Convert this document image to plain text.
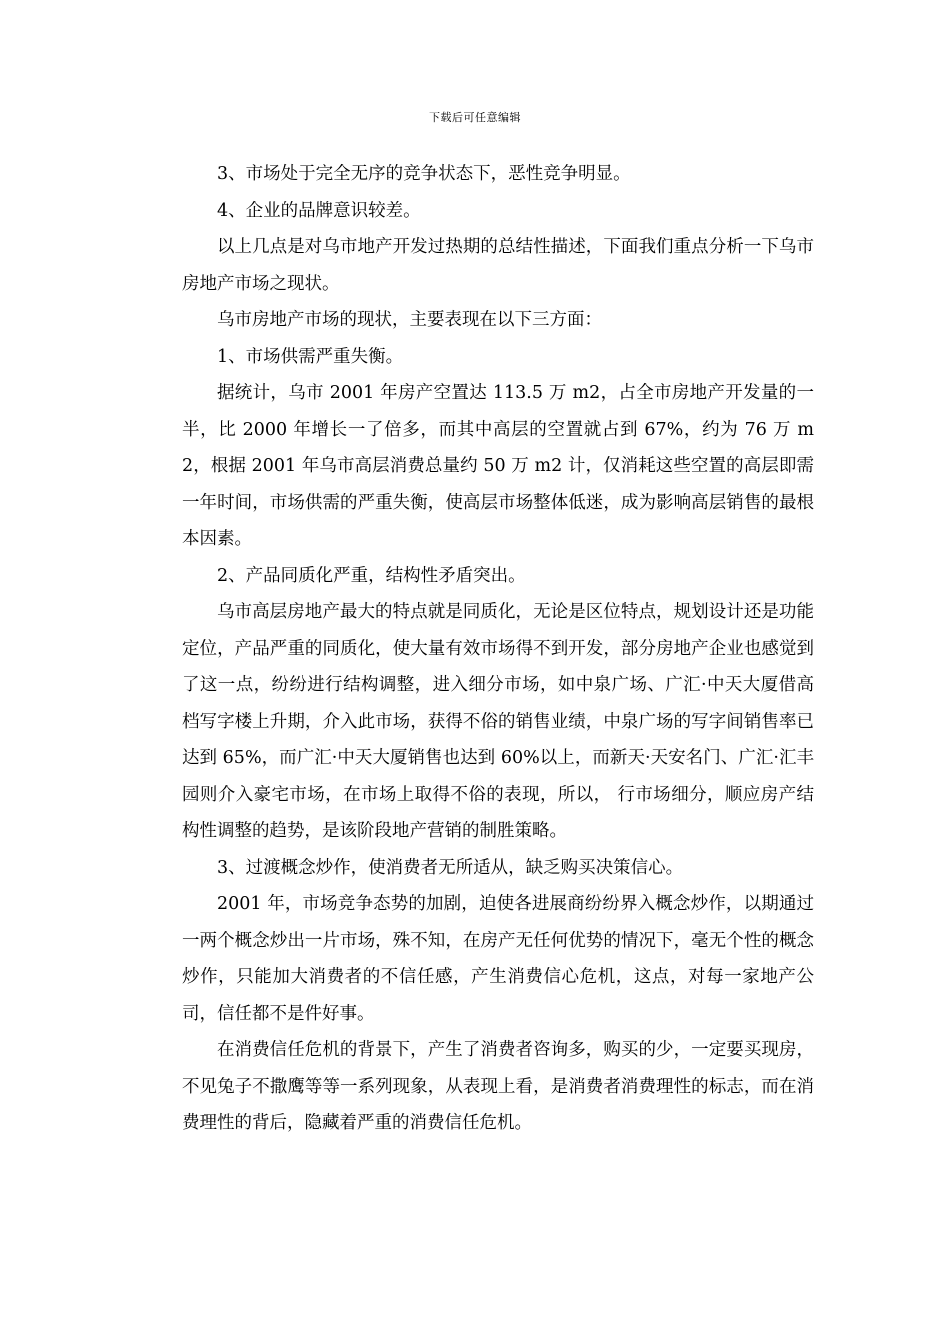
下载后可任意编辑

3、市场处于完全无序的竞争状态下，恶性竞争明显。

4、企业的品牌意识较差。

以上几点是对乌市地产开发过热期的总结性描述，下面我们重点分析一下乌市房地产市场之现状。

乌市房地产市场的现状，主要表现在以下三方面：

1、市场供需严重失衡。

据统计，乌市 2001 年房产空置达 113.5 万 m2，占全市房地产开发量的一半，比 2000 年增长一了倍多，而其中高层的空置就占到 67%，约为 76 万 m2，根据 2001 年乌市高层消费总量约 50 万 m2 计，仅消耗这些空置的高层即需一年时间，市场供需的严重失衡，使高层市场整体低迷，成为影响高层销售的最根本因素。

2、产品同质化严重，结构性矛盾突出。

乌市高层房地产最大的特点就是同质化，无论是区位特点，规划设计还是功能定位，产品严重的同质化，使大量有效市场得不到开发，部分房地产企业也感觉到了这一点，纷纷进行结构调整，进入细分市场，如中泉广场、广汇·中天大厦借高档写字楼上升期，介入此市场，获得不俗的销售业绩，中泉广场的写字间销售率已达到 65%，而广汇·中天大厦销售也达到 60%以上，而新天·天安名门、广汇·汇丰园则介入豪宅市场，在市场上取得不俗的表现，所以， 行市场细分，顺应房产结构性调整的趋势，是该阶段地产营销的制胜策略。

3、过渡概念炒作，使消费者无所适从，缺乏购买决策信心。

2001 年，市场竞争态势的加剧，迫使各进展商纷纷界入概念炒作，以期通过一两个概念炒出一片市场，殊不知，在房产无任何优势的情况下，毫无个性的概念炒作，只能加大消费者的不信任感，产生消费信心危机，这点，对每一家地产公司，信任都不是件好事。

在消费信任危机的背景下，产生了消费者咨询多，购买的少，一定要买现房，不见兔子不撒鹰等等一系列现象，从表现上看，是消费者消费理性的标志，而在消费理性的背后，隐藏着严重的消费信任危机。
